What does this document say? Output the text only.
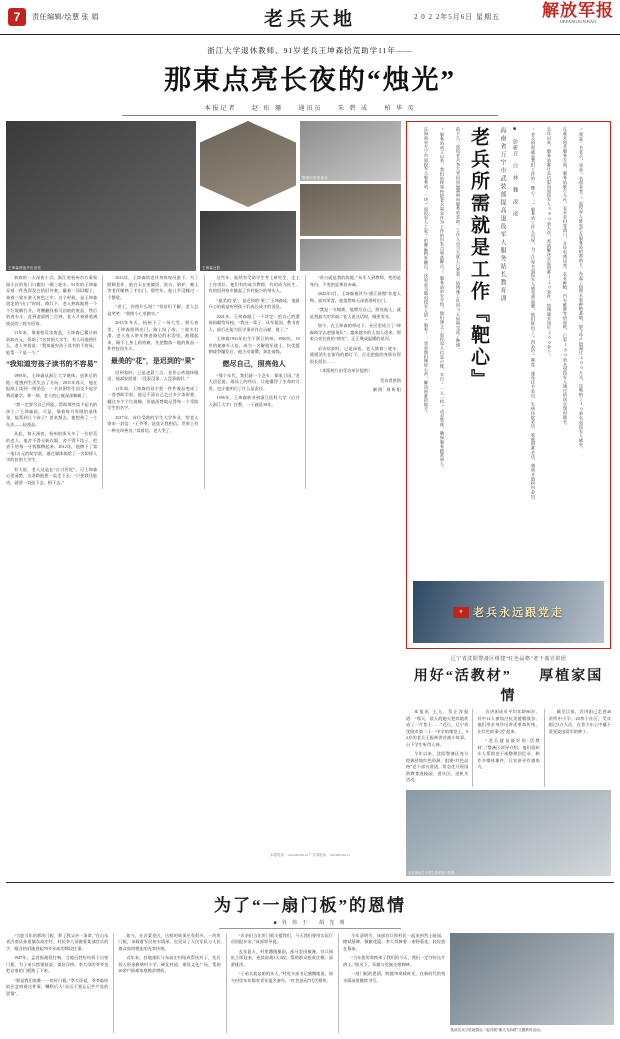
7	责任编辑/绘慧 张 娟	老兵天地	2 0 2 2年5月6日 星期五 解放军报
JIEFANGJUN BAO
浙江大学退休教师、91岁老兵王坤森拾荒助学11年——
那束点亮长夜的“烛光”
本报记者	赵 珩 珊	通讯员	朱 碧 成	柏 华 英
王坤森深夜外出拾荒
整理回收的废品
王坤森近影

初春的一天深夜十点，浙江省杭州市万事家园小区的角门口搬出一辆三轮车。91岁的王坤森穿着一件洗得发白的旧外套，戴着一顶旧帽子，骑着三轮车驶入夜色之中。这个时候，是王坤森固定的“出工”时间。路灯下，老人熟练地将一个个垃圾桶打开，弯腰翻找着可回收的废品，然后装进车斗。直到凌晨两三点钟，老人才骑着装满废品的三轮车回家。

11年来，靠着拾荒卖废品，王坤森已累计捐款20万元，资助了7名贫困大学生。有人问他图什么，老人笑着说：“我知道穷孩子读书的不容易，能帮一个是一个。”

“我知道穷孩子读书的不容易”

1995年，王坤森从浙江大学离休。退休后的他一度感到生活失去了方向。2011年春天，他在报纸上读到一则消息：一名贫困学生因交不起学费而辍学。那一刻，老人的心被深深刺痛了。

“我一定要尽自己所能，帮助那些读不起书的孩子。”王坤森说。可是，靠着每月有限的退休金，能帮到几个孩子？思来想去，他想到了一个办法——捡废品。

从此，每天深夜，杭州的街头多了一位拾荒的老人。他舍不得买新衣服，舍不得下馆子，把省下的每一分钱都攒起来。2012年，他攒下了第一笔1万元的助学款，通过媒体捐给了一名即将入学的贫困大学生。

有人说，老人这是在“自讨苦吃”。可王坤森心里清楚，这条路他要一直走下去。“只要我还能动，就要一直捡下去、捐下去。”

2013年，王坤森的老伴身体每况愈下。为了照顾老伴，他白天在家做饭、洗衣、陪护，晚上等老伴睡熟了才出门。那些年，他几乎没睡过一个整觉。

“老王，你图什么呀？”邻居们不解。老人总是笑笑：“我图个心里踏实。”

2015年冬天，杭州下了一场大雪。那天夜里，王坤森照例出门。路上结了冰，三轮车打滑，老人连人带车摔进路边的水沟里。他爬起来，顾不上身上的疼痛，先把散落一地的废品一件件捡回车斗。

最美的“花”，是迟到的“果”

回到家时，已是凌晨三点。老伴心疼地抹眼泪，他却安慰道：“没事没事，人没事就好。”

11年间，王坤森用双手把一件件废品变成了一沓沓助学款。他记不清自己走过多少条街巷、翻过多少个垃圾桶，但他清楚地记得每一个受助学生的名字。

2017年，首位受助的学生大学毕业，给老人寄来一封信：“王爷爷，是您让我相信，世界上有一种光叫善良。”读着信，老人哭了。

这些年，陆续有受助学生考上研究生、走上工作岗位。他们有的成为教师，有的成为医生，有的回到家乡做起了乡村振兴的带头人。

“最美的‘花’，是迟到的‘果’。”王坤森说，他最开心的就是听到孩子们成长成才的消息。

2021年，王坤森做了一个决定：把自己的遗体捐献给母校。“我这一辈子，从军报国、教书育人，最后还能为医学事业作点贡献，值了。”

王坤森1931年出生于浙江杭州。1950年，19岁的他参军入伍，成为一名解放军战士。抗美援朝战争爆发后，他主动请缨，奔赴前线。

燃尽自己，照亮他人

“那个年代，我们就一个念头：保家卫国。”老人回忆说。战场上的经历，让他懂得了生命的可贵，也让他明白了什么是责任。

1956年，王坤森转业到浙江医科大学（后并入浙江大学）任教，一干就是39年。

“讲台就是我的阵地。”从军人到教师，变的是身份，不变的是那份赤诚。

2022年3月，王坤森被评为“浙江骄傲”年度人物。面对荣誉，他依然每天深夜准时出门。

“我是一支蜡烛，能燃尽自己，照亮他人，就是我最大的幸福。”老人说这话时，眼里有光。

如今，在王坤森的带动下，社区里成立了“坤森助学志愿服务队”，越来越多的人加入进来。那束点亮长夜的“烛光”，正汇聚成温暖的星河。

采访结束时，已是深夜。老人推着三轮车，缓缓消失在街角的路灯下。灯光把他的身影拉得很长很长……

（本版照片由受访单位提供）

受访者供图

制 图：周 昕 阳	在海南省万宁市退役军人服务站，一块“退役军人之家”的牌匾格外醒目。这里是当地退役军人的“娘家”，也是他们倾诉心声、解决困难的地方。	“服务站成立以来，我们始终坚持把老兵需求作为工作的出发点和落脚点。”服务站站长介绍，他们建立了退役军人信息台账，实行“一人一档”动态管理，确保服务精准到人。	前不久，退役老兵李大爷因房屋漏雨向服务站求助。工作人员当天就上门查看，协调施工队用3天时间完成了修缮。 老兵所需就是工作『靶心』	海南省万宁市武装部提高退役军人服务站长教育训	■ 彭新召 白 林 魏 凌 凌	“老兵所需就是我们工作的‘靶心’。”服务站工作人员说，为了让每名退役军人感受到温暖，他们推出了“四必访”制度：逢年过节必访、生病住院必访、家庭困难必访、遇到矛盾纠纷必访。	去年以来，服务站累计走访慰问退役军人380余人次，帮助解决实际困难120余件，协调就业岗位260余个。	在就业创业服务方面，服务站联合人社、农业农村等部门，开设电商运营、农业种植、汽车维修等培训班，已有180余名退役军人通过培训实现再就业。	“我是一名老兵，也是一名创业者。”退役军人陈先生在服务站的帮助下，办起了热带水果种植基地，如今年产值超过200万元，还吸纳了10余名退役军人就业。
★ 老兵永远跟党走
辽宁省沈阳警备区组建“红色品格”老干部宣讲团
用好“活教材” 厚植家国情

本报讯 王飞、蔡正涛报道：“那天，敌人的炮火把阵地炸成了一片焦土……”近日，辽宁省沈阳市第二十一中学的课堂上，92岁的老兵王振林讲述战斗故事，台下学生听得入神。

今年以来，沈阳警备区充分挖掘驻地红色资源，组建“红色品格”老干部宣讲团，常态化开展国防教育进校园、进社区、进机关活动。

宣讲团成员平均年龄86岁，其中12人参加过抗美援朝战争。他们用亲身经历讲述革命传统，让红色故事“活”起来。

“老兵就是最好的‘活教材’。”警备区领导介绍，他们组织专人帮助老干部整理回忆录、制作多媒体课件，让宣讲更有感染力。

截至目前，宣讲团已走进40余所中小学、20余个社区，受众超过3万人次，在青少年心中播下爱党爱国爱军的种子。

宣讲团成员为学生讲述战斗故事。
为了“一扇门板”的恩情
■ 谷 伟 王 胡 光 明

“当您当年的那块门板，救了我父亲一条命。”在山东省沂南县孙祖镇东高庄村，村民李大哥握着某部官兵的手，眼含热泪地讲起70多年前的那段往事。

1947年，孟良崮战役打响。当地百姓纷纷拆下自家门板，为子弟兵搭建担架、架设浮桥。李大哥的爷爷也把自家的门板卸了下来。

“那是我们家唯一一块好门板。”李大哥说，爷爷临终前还念叨着这件事，嘱咐后人“永远不要忘记共产党的恩情”。

如今，在沂蒙老区，这样的故事还有很多。一块块门板，承载着军民鱼水情深，也见证了人民军队与人民群众血肉相连的光荣传统。

近年来，驻地部队与东高庄村结成帮扶对子，先后投入资金修缮村小学、硬化村道、建设文化广场，帮助20余户困难家庭脱贫增收。

“乡亲们当年用门板支援我们，今天我们要用实际行动回报乡亲。”该部领导说。

去年夏天，村里遭遇暴雨，部分农田被淹。官兵闻讯立即赶来，连续奋战3天3夜，帮助群众抢收庄稼、清淤排涝。

“子弟兵就是咱的亲人。”村党支部书记感慨地说，如今村里年年都有青年报名参军，“红色基因”代代相传。

今年清明节，该部官兵和村民一起来到烈士陵园，擦拭墓碑、敬献花篮。李大哥捧着一束野菊花，轻轻放在墓前。

“当年您用命换来了我们的今天，我们一定守好这片热土。”阳光下，军旗与党旗交相辉映。

一扇门板的恩情，跨越70余载时光，在新时代的鱼水情深里继续书写。

某部官兵与驻地群众一起开展“重走支前路”主题教育活动。
本报电话：010-66720114 广告部电话：010-66720111
